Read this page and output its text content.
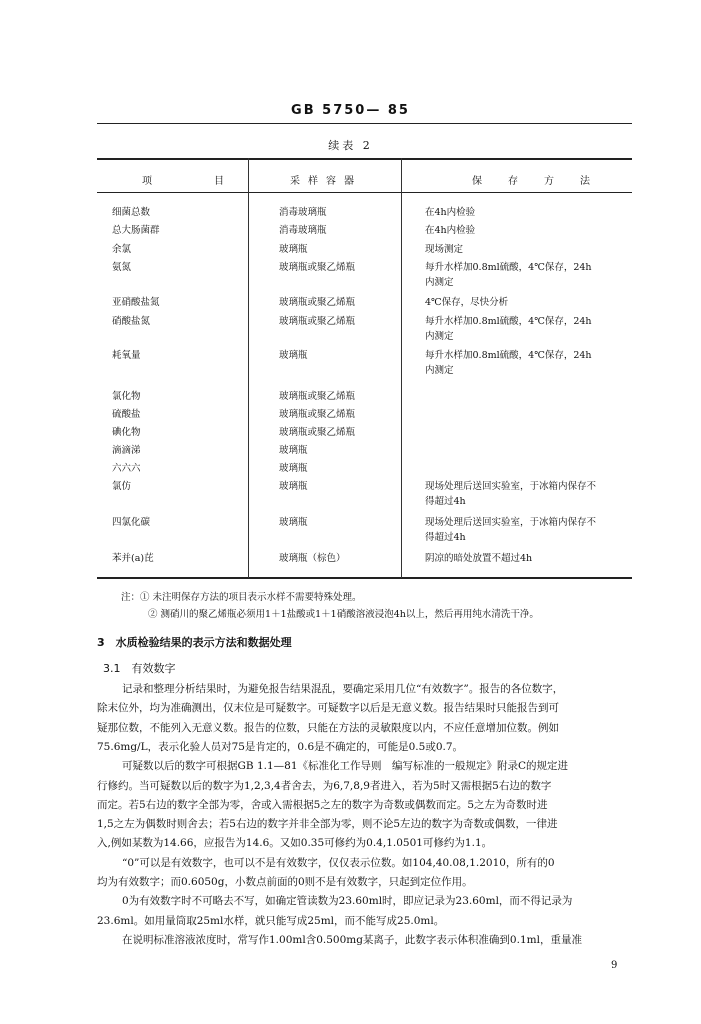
GB 5750— 85
续表 2
项　　　目	采样容器	保　存　方　法
细菌总数	消毒玻璃瓶	在4h内检验
总大肠菌群	消毒玻璃瓶	在4h内检验
余氯	玻璃瓶	现场测定
氨氮	玻璃瓶或聚乙烯瓶	每升水样加0.8ml硫酸，4℃保存，24h
内测定
亚硝酸盐氮	玻璃瓶或聚乙烯瓶	4℃保存，尽快分析
硝酸盐氮	玻璃瓶或聚乙烯瓶	每升水样加0.8ml硫酸，4℃保存，24h
内测定
耗氧量	玻璃瓶	每升水样加0.8ml硫酸，4℃保存，24h
内测定
氯化物	玻璃瓶或聚乙烯瓶
硫酸盐	玻璃瓶或聚乙烯瓶
碘化物	玻璃瓶或聚乙烯瓶
滴滴涕	玻璃瓶
六六六	玻璃瓶
氯仿	玻璃瓶	现场处理后送回实验室，于冰箱内保存不
得超过4h
四氯化碳	玻璃瓶	现场处理后送回实验室，于冰箱内保存不
得超过4h
苯并(a)芘	玻璃瓶（棕色）	阴凉的暗处放置不超过4h
注：① 未注明保存方法的项目表示水样不需要特殊处理。
② 测硝川的聚乙烯瓶必须用1＋1盐酸或1＋1硝酸溶液浸泡4h以上，然后再用纯水清洗干净。
3　水质检验结果的表示方法和数据处理
3.1　有效数字
记录和整理分析结果时，为避免报告结果混乱，要确定采用几位“有效数字”。报告的各位数字，
除末位外，均为准确测出，仅末位是可疑数字。可疑数字以后是无意义数。报告结果时只能报告到可
疑那位数，不能列入无意义数。报告的位数，只能在方法的灵敏限度以内，不应任意增加位数。例如
75.6mg/L，表示化验人员对75是肯定的，0.6是不确定的，可能是0.5或0.7。
可疑数以后的数字可根据GB 1.1—81《标准化工作导则　编写标准的一般规定》附录C的规定进
行修约。当可疑数以后的数字为1,2,3,4者舍去，为6,7,8,9者进入，若为5时又需根据5右边的数字
而定。若5右边的数字全部为零，舍或入需根据5之左的数字为奇数或偶数而定。5之左为奇数时进
1,5之左为偶数时则舍去；若5右边的数字并非全部为零，则不论5左边的数字为奇数或偶数，一律进
入,例如某数为14.66，应报告为14.6。又如0.35可修约为0.4,1.0501可修约为1.1。
“0”可以是有效数字，也可以不是有效数字，仅仅表示位数。如104,40.08,1.2010，所有的0
均为有效数字；而0.6050g，小数点前面的0则不是有效数字，只起到定位作用。
0为有效数字时不可略去不写，如确定管读数为23.60ml时，即应记录为23.60ml，而不得记录为
23.6ml。如用量筒取25ml水样，就只能写成25ml，而不能写成25.0ml。
在说明标准溶液浓度时，常写作1.00ml含0.500mg某离子，此数字表示体积准确到0.1ml，重量准
9
